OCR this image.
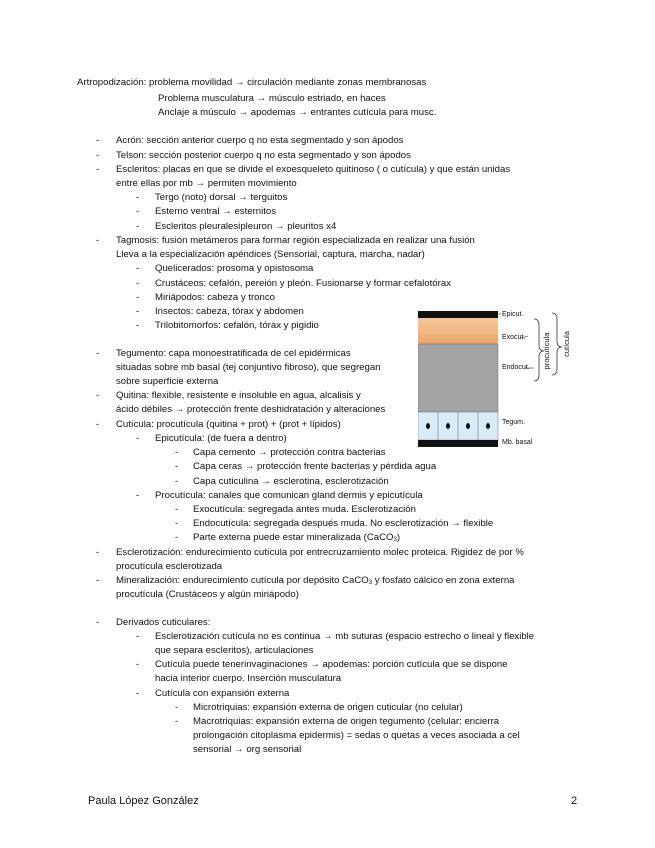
Artropodización: problema movilidad → circulación mediante zonas membranosas
Problema musculatura → músculo estriado, en haces
Anclaje a músculo → apodemas → entrantes cutícula para musc.
- Acrón: sección anterior cuerpo q no esta segmentado y son ápodos
- Telson: sección posterior cuerpo q no esta segmentado y son ápodos
- Escleritos: placas en que se divide el exoesqueleto quitinoso ( o cutícula) y que están unidas
entre ellas por mb → permiten movimiento
- Tergo (noto) dorsal → terguitos
- Esterno ventral → esternitos
- Escleritos pleuralesipleuron → pleuritos x4
- Tagmosis: fusión metámeros para formar región especializada en realizar una fusión
Lleva a la especialización apéndices (Sensorial, captura, marcha, nadar)
- Quelicerados: prosoma y opistosoma
- Crustáceos: cefalón, pereión y pleón. Fusionarse y formar cefalotórax
- Miriápodos: cabeza y tronco
- Insectos: cabeza, tórax y abdomen
- Trilobitomorfos: cefalón, tórax y pigidio
- Tegumento: capa monoestratificada de cel epidérmicas
situadas sobre mb basal (tej conjuntivo fibroso), que segregan
sobre superficie externa
- Quitina: flexible, resistente e insoluble en agua, alcalisis y
ácido débiles → protección frente deshidratación y alteraciones
- Cutícula: procutícula (quitina + prot) + (prot + lípidos)
- Epicutícula: (de fuera a dentro)
- Capa cemento → protección contra bacterias
- Capa ceras → protección frente bacterias y pérdida agua
- Capa cuticulina → esclerotina, esclerotización
- Procutícula: canales que comunican gland dermis y epicutícula
- Exocutícula: segregada antes muda. Esclerotización
- Endocutícula: segregada después muda. No esclerotización → flexible
- Parte externa puede estar mineralizada (CaCO$_3$)
- Esclerotización: endurecimiento cutícula por entrecruzamiento molec proteica. Rigidez de por %
procutícula esclerotizada
- Mineralización: endurecimiento cutícula por depósito CaCO$_3$ y fosfato cálcico en zona externa
procutícula (Crustáceos y algún miriápodo)
- Derivados cuticulares:
- Esclerotización cutícula no es continua → mb suturas (espacio estrecho o lineal y flexible
que separa escleritos), articulaciones
- Cutícula puede tenerinvaginaciones → apodemas: porción cutícula que se dispone
hacia interior cuerpo. Inserción musculatura
- Cutícula con expansión externa
- Microtriquias: expansión externa de origen cuticular (no celular)
- Macrotriquias: expansión externa de origen tegumento (celular: encierra
prolongación citoplasma epidermis) = sedas o quetas a veces asociada a cel
sensorial → org sensorial
procutícula cutícula
Epicut.
Exocut.
Endocut.
Tegum.
Mb. basal
Paula López González	2
